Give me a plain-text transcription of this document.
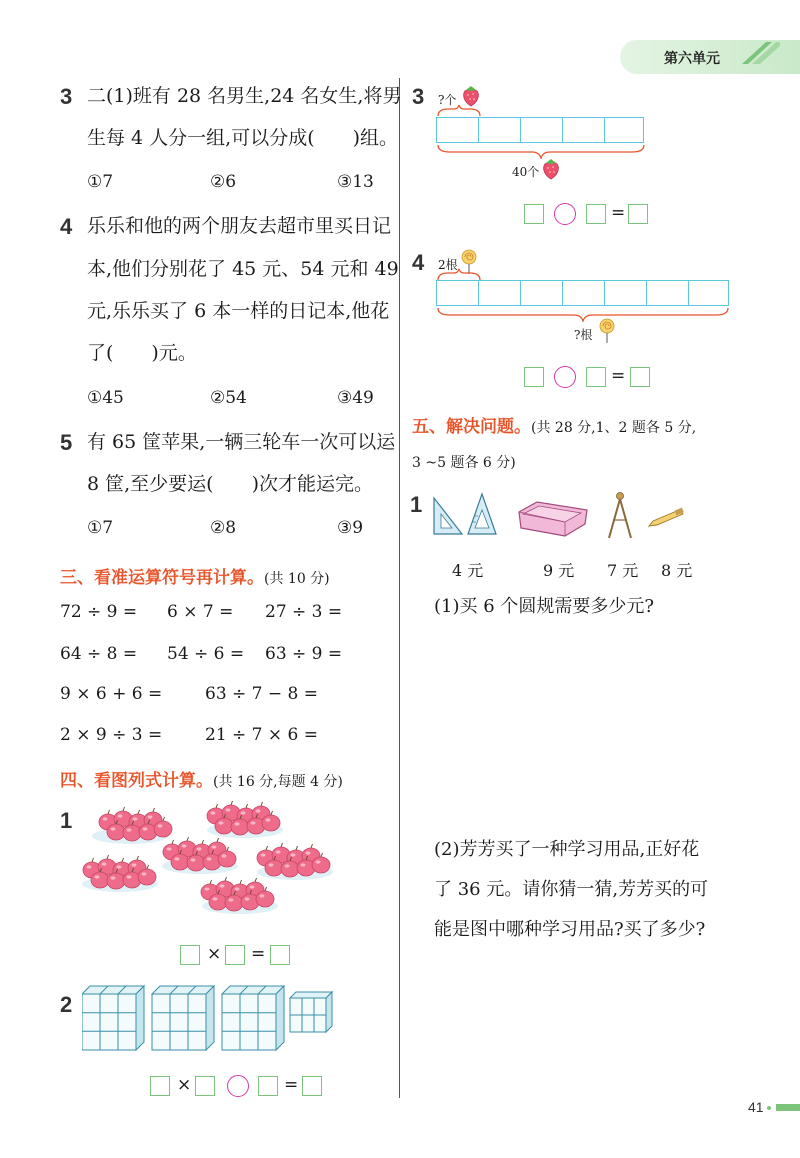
第六单元
3 二(1)班有 28 名男生,24 名女生,将男
生每 4 人分一组,可以分成(　　)组。
①7	②6	③13
4 乐乐和他的两个朋友去超市里买日记
本,他们分别花了 45 元、54 元和 49
元,乐乐买了 6 本一样的日记本,他花
了(　　)元。
①45	②54	③49
5 有 65 筐苹果,一辆三轮车一次可以运
8 筐,至少要运(　　)次才能运完。
①7	②8	③9
三、看准运算符号再计算。(共 10 分)
72 ÷ 9 = 6 × 7 = 27 ÷ 3 =
64 ÷ 8 = 54 ÷ 6 = 63 ÷ 9 =
9 × 6 + 6 =	63 ÷ 7 − 8 =
2 × 9 ÷ 3 =	21 ÷ 7 × 6 =
四、看图列式计算。(共 16 分,每题 4 分)
1
× =
2
×	=
3 ?个
40个
=
4 2根
?根
=
五、解决问题。(共 28 分,1、2 题各 5 分,
3 ~5 题各 6 分)
1
4 元	9 元 7 元 8 元
(1)买 6 个圆规需要多少元?
(2)芳芳买了一种学习用品,正好花
了 36 元。请你猜一猜,芳芳买的可
能是图中哪种学习用品?买了多少?
41
